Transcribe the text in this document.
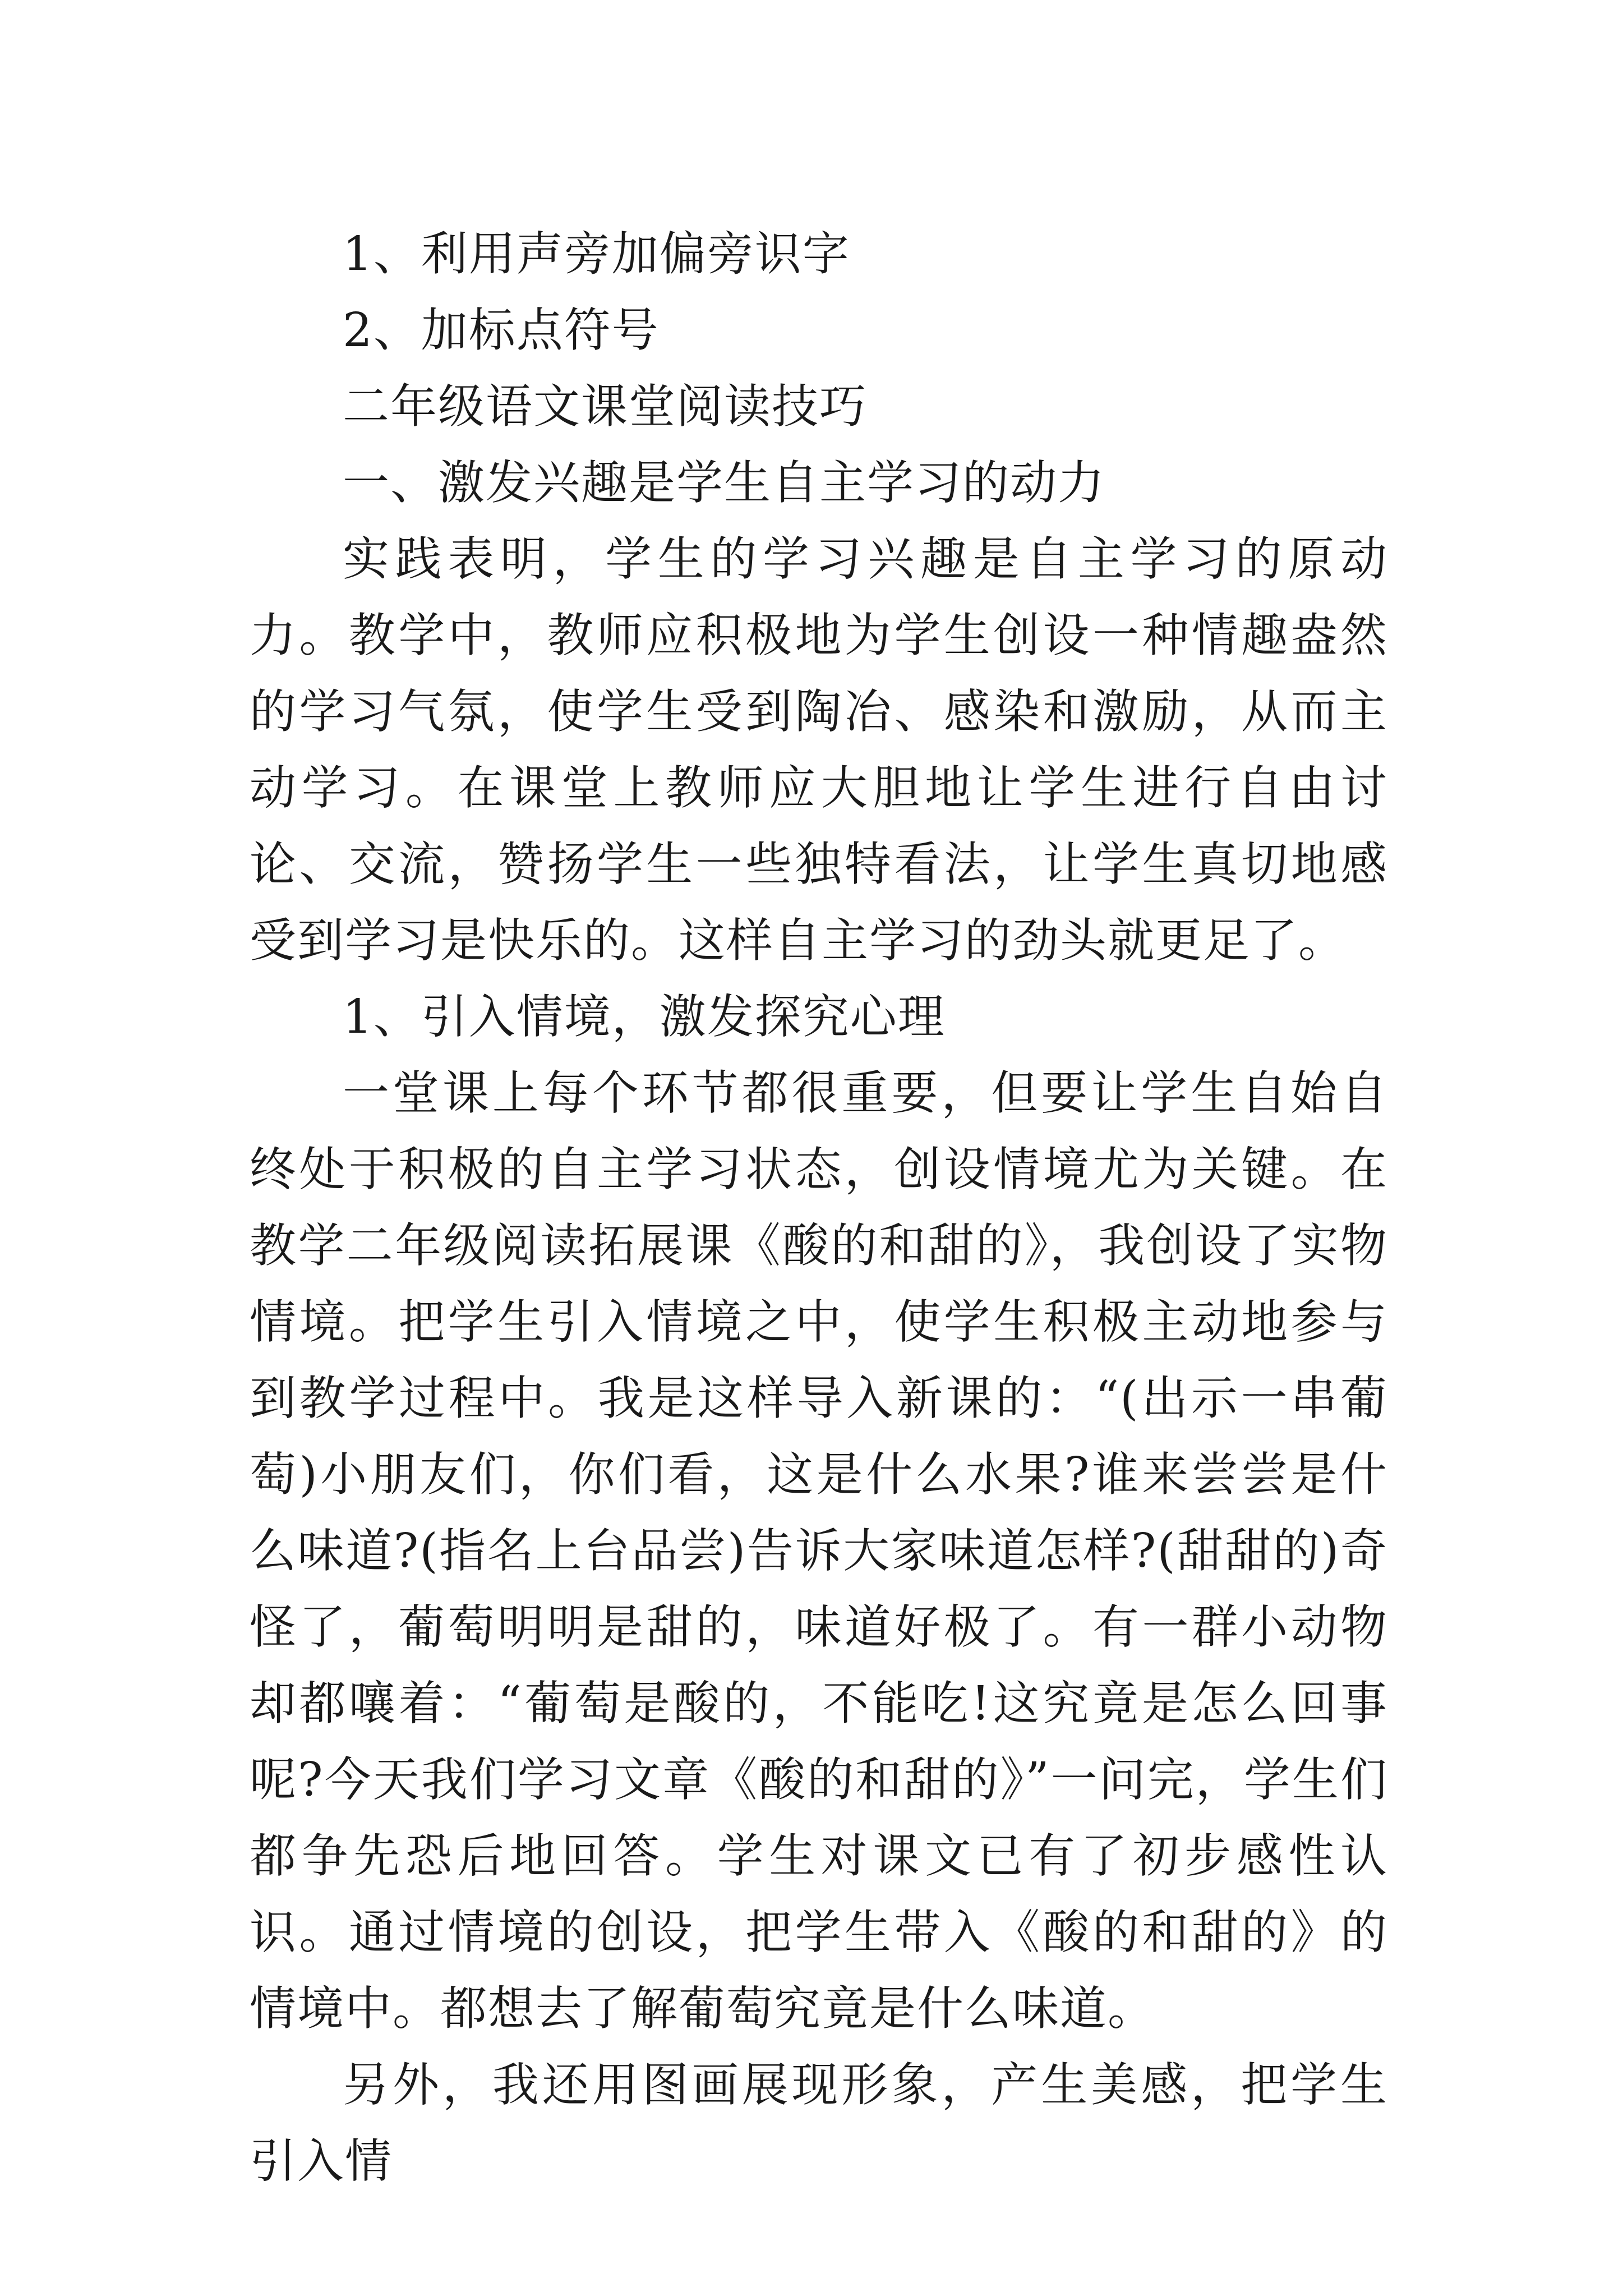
1、利用声旁加偏旁识字

2、加标点符号

二年级语文课堂阅读技巧

一、激发兴趣是学生自主学习的动力

实践表明，学生的学习兴趣是自主学习的原动力。教学中，教师应积极地为学生创设一种情趣盎然的学习气氛，使学生受到陶冶、感染和激励，从而主动学习。在课堂上教师应大胆地让学生进行自由讨论、交流，赞扬学生一些独特看法，让学生真切地感受到学习是快乐的。这样自主学习的劲头就更足了。

1、引入情境，激发探究心理

一堂课上每个环节都很重要，但要让学生自始自终处于积极的自主学习状态，创设情境尤为关键。在教学二年级阅读拓展课《酸的和甜的》，我创设了实物情境。把学生引入情境之中，使学生积极主动地参与到教学过程中。我是这样导入新课的：“(出示一串葡萄)小朋友们，你们看，这是什么水果?谁来尝尝是什么味道?(指名上台品尝)告诉大家味道怎样?(甜甜的)奇怪了，葡萄明明是甜的，味道好极了。有一群小动物却都嚷着：“葡萄是酸的，不能吃!这究竟是怎么回事呢?今天我们学习文章《酸的和甜的》”一问完，学生们都争先恐后地回答。学生对课文已有了初步感性认识。通过情境的创设，把学生带入《酸的和甜的》的情境中。都想去了解葡萄究竟是什么味道。

另外，我还用图画展现形象，产生美感，把学生引入情
